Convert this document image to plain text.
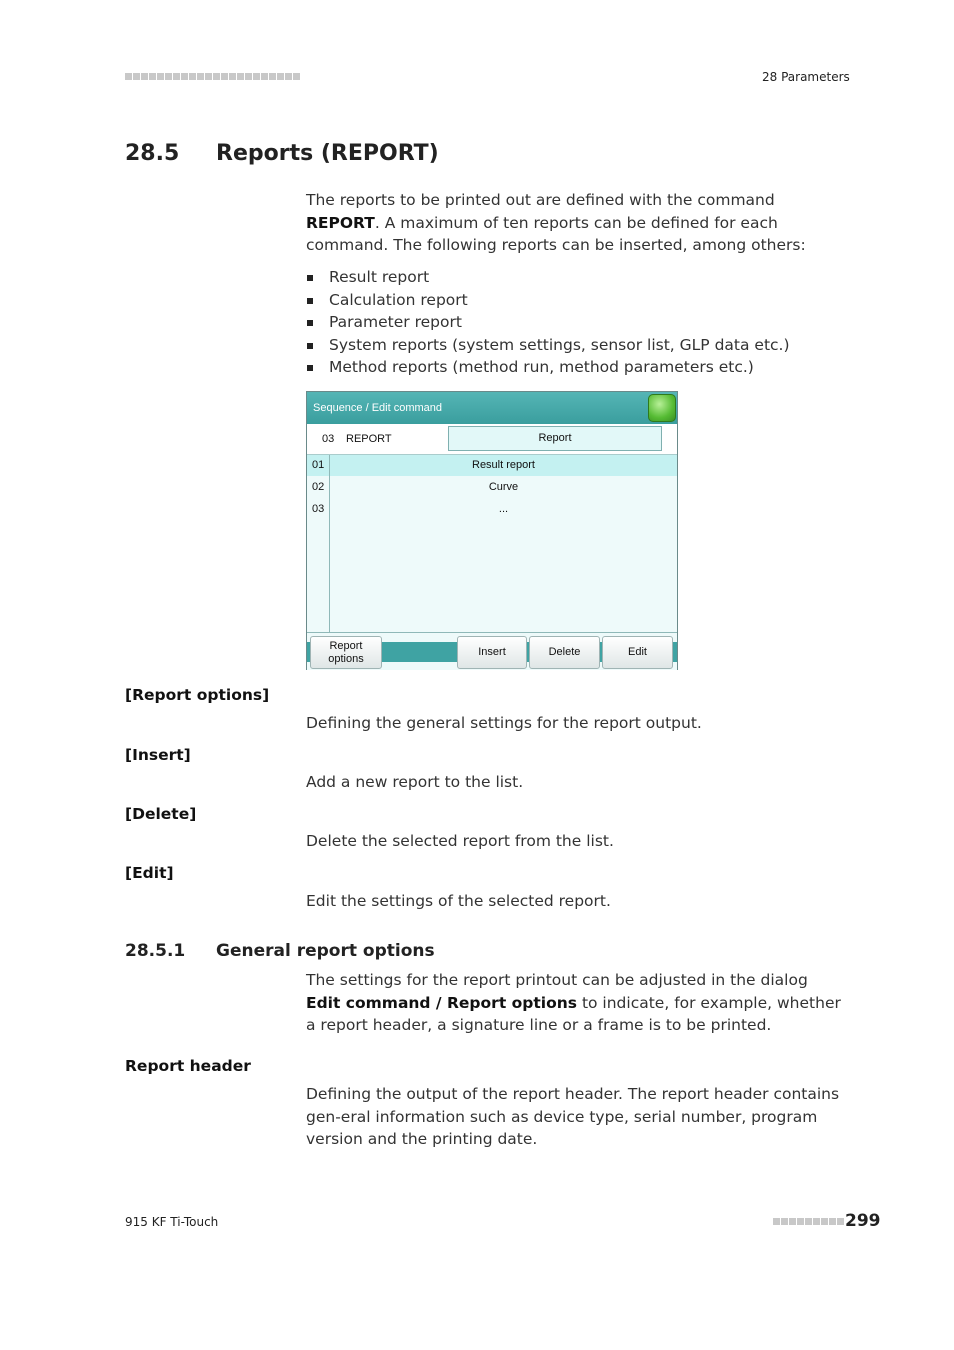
28 Parameters
28.5 Reports (REPORT)
The reports to be printed out are defined with the command REPORT. A maximum of ten reports can be defined for each command. The following reports can be inserted, among others:
Result report
Calculation report
Parameter report
System reports (system settings, sensor list, GLP data etc.)
Method reports (method run, method parameters etc.)
Sequence / Edit command
03 REPORT	Report
01	Result report
02	Curve
03	...
Report
options
Insert	Delete	Edit
[Report options]
Defining the general settings for the report output.
[Insert]
Add a new report to the list.
[Delete]
Delete the selected report from the list.
[Edit]
Edit the settings of the selected report.
28.5.1 General report options
The settings for the report printout can be adjusted in the dialog Edit command / Report options to indicate, for example, whether a report header, a signature line or a frame is to be printed.
Report header
Defining the output of the report header. The report header contains gen-eral information such as device type, serial number, program version and the printing date.
915 KF Ti-Touch	299
